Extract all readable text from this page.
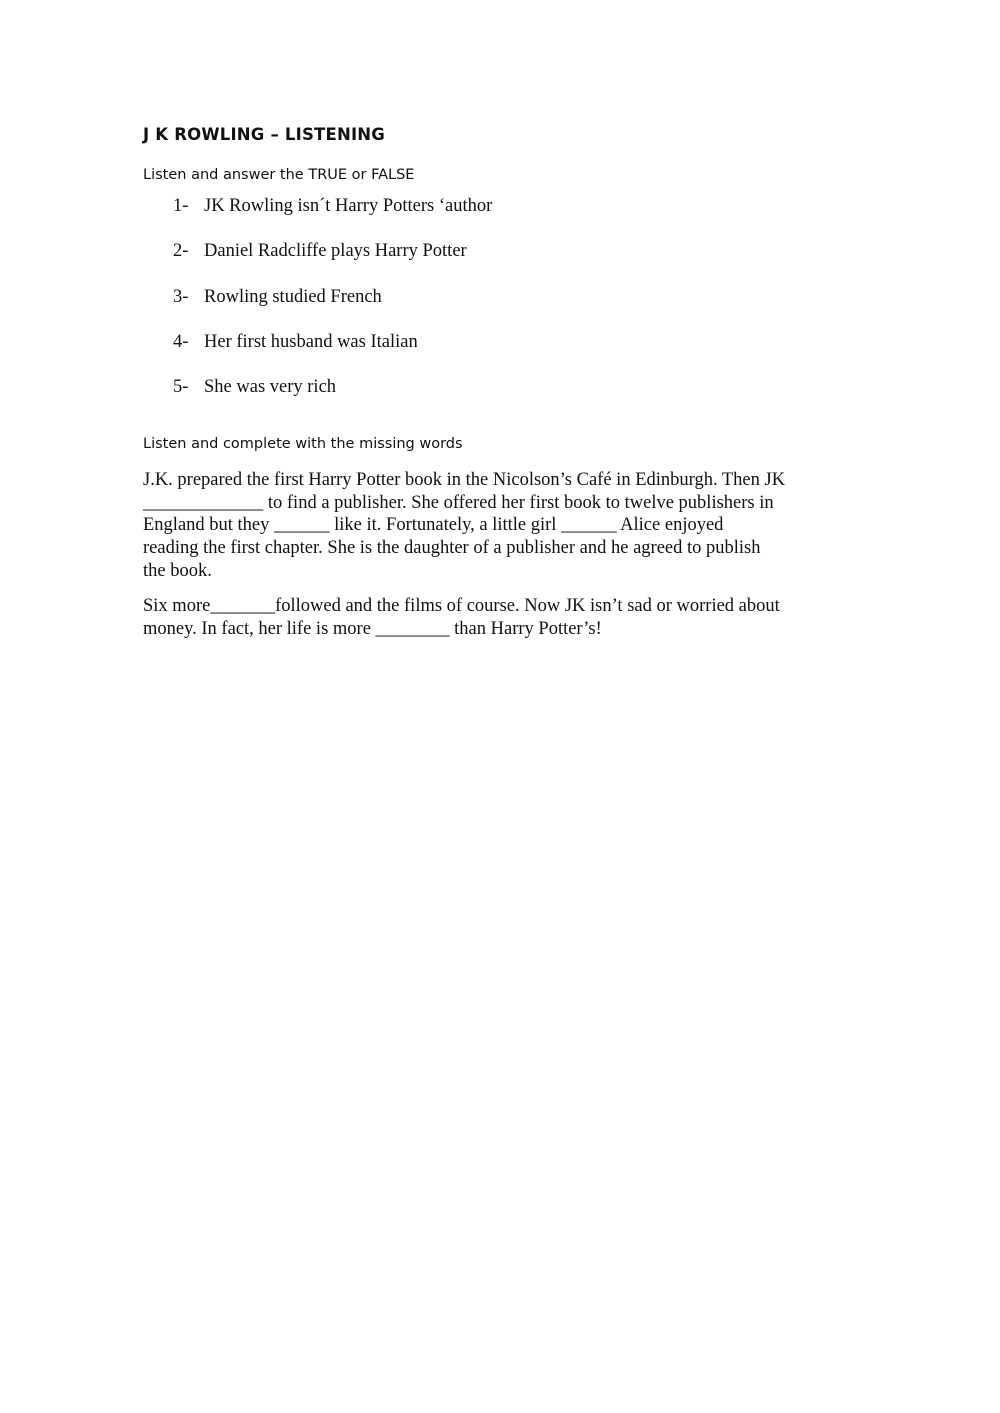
J K ROWLING – LISTENING

Listen and answer the TRUE or FALSE

1- JK Rowling isn´t Harry Potters ‘author
2- Daniel Radcliffe plays Harry Potter
3- Rowling studied French
4- Her first husband was Italian
5- She was very rich

Listen and complete with the missing words

J.K. prepared the first Harry Potter book in the Nicolson’s Café in Edinburgh. Then JK
_____________ to find a publisher. She offered her first book to twelve publishers in
England but they ______ like it. Fortunately, a little girl ______ Alice enjoyed
reading the first chapter. She is the daughter of a publisher and he agreed to publish
the book.

Six more_______followed and the films of course. Now JK isn’t sad or worried about
money. In fact, her life is more ________ than Harry Potter’s!
